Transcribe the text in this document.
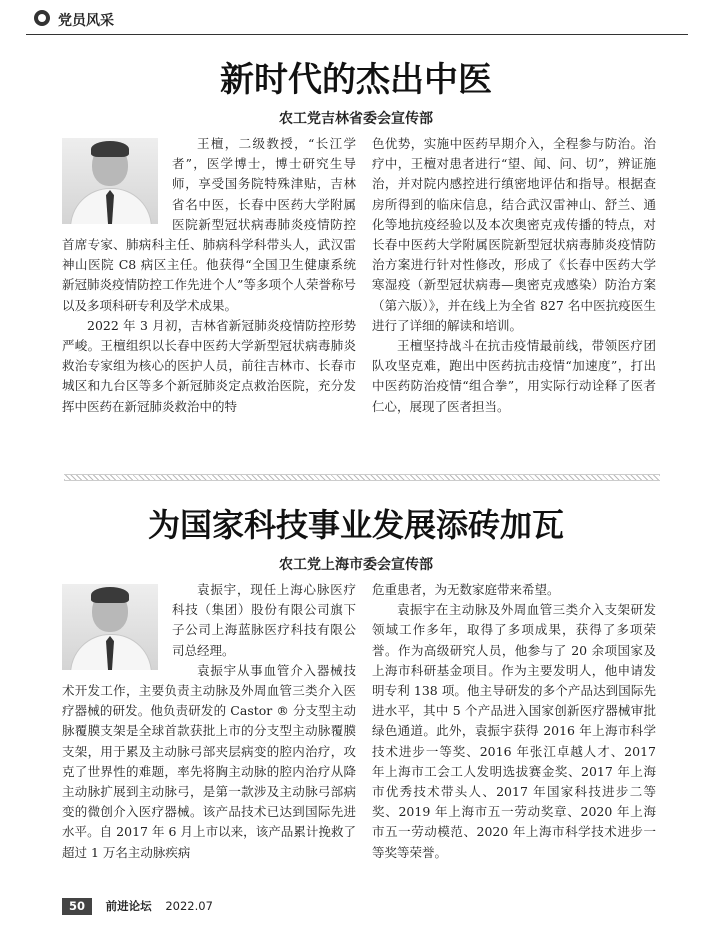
党员风采
新时代的杰出中医
农工党吉林省委会宣传部

王檀，二级教授，“长江学者”，医学博士，博士研究生导师，享受国务院特殊津贴，吉林省名中医，长春中医药大学附属医院新型冠状病毒肺炎疫情防控首席专家、肺病科主任、肺病科学科带头人，武汉雷神山医院 C8 病区主任。他获得“全国卫生健康系统新冠肺炎疫情防控工作先进个人”等多项个人荣誉称号以及多项科研专利及学术成果。

2022 年 3 月初，吉林省新冠肺炎疫情防控形势严峻。王檀组织以长春中医药大学新型冠状病毒肺炎救治专家组为核心的医护人员，前往吉林市、长春市城区和九台区等多个新冠肺炎定点救治医院，充分发挥中医药在新冠肺炎救治中的特

色优势，实施中医药早期介入，全程参与防治。治疗中，王檀对患者进行“望、闻、问、切”，辨证施治，并对院内感控进行缜密地评估和指导。根据查房所得到的临床信息，结合武汉雷神山、舒兰、通化等地抗疫经验以及本次奥密克戎传播的特点，对长春中医药大学附属医院新型冠状病毒肺炎疫情防治方案进行针对性修改，形成了《长春中医药大学寒湿疫（新型冠状病毒—奥密克戎感染）防治方案（第六版）》，并在线上为全省 827 名中医抗疫医生进行了详细的解读和培训。

王檀坚持战斗在抗击疫情最前线，带领医疗团队攻坚克难，跑出中医药抗击疫情“加速度”，打出中医药防治疫情“组合拳”，用实际行动诠释了医者仁心，展现了医者担当。

为国家科技事业发展添砖加瓦
农工党上海市委会宣传部

袁振宇，现任上海心脉医疗科技（集团）股份有限公司旗下子公司上海蓝脉医疗科技有限公司总经理。

袁振宇从事血管介入器械技术开发工作，主要负责主动脉及外周血管三类介入医疗器械的研发。他负责研发的 Castor ® 分支型主动脉覆膜支架是全球首款获批上市的分支型主动脉覆膜支架，用于累及主动脉弓部夹层病变的腔内治疗，攻克了世界性的难题，率先将胸主动脉的腔内治疗从降主动脉扩展到主动脉弓，是第一款涉及主动脉弓部病变的微创介入医疗器械。该产品技术已达到国际先进水平。自 2017 年 6 月上市以来，该产品累计挽救了超过 1 万名主动脉疾病

危重患者，为无数家庭带来希望。

袁振宇在主动脉及外周血管三类介入支架研发领域工作多年，取得了多项成果，获得了多项荣誉。作为高级研究人员，他参与了 20 余项国家及上海市科研基金项目。作为主要发明人，他申请发明专利 138 项。他主导研发的多个产品达到国际先进水平，其中 5 个产品进入国家创新医疗器械审批绿色通道。此外，袁振宇获得 2016 年上海市科学技术进步一等奖、2016 年张江卓越人才、2017 年上海市工会工人发明选拔赛金奖、2017 年上海市优秀技术带头人、2017 年国家科技进步二等奖、2019 年上海市五一劳动奖章、2020 年上海市五一劳动模范、2020 年上海市科学技术进步一等奖等荣誉。

50 前进论坛 2022.07
